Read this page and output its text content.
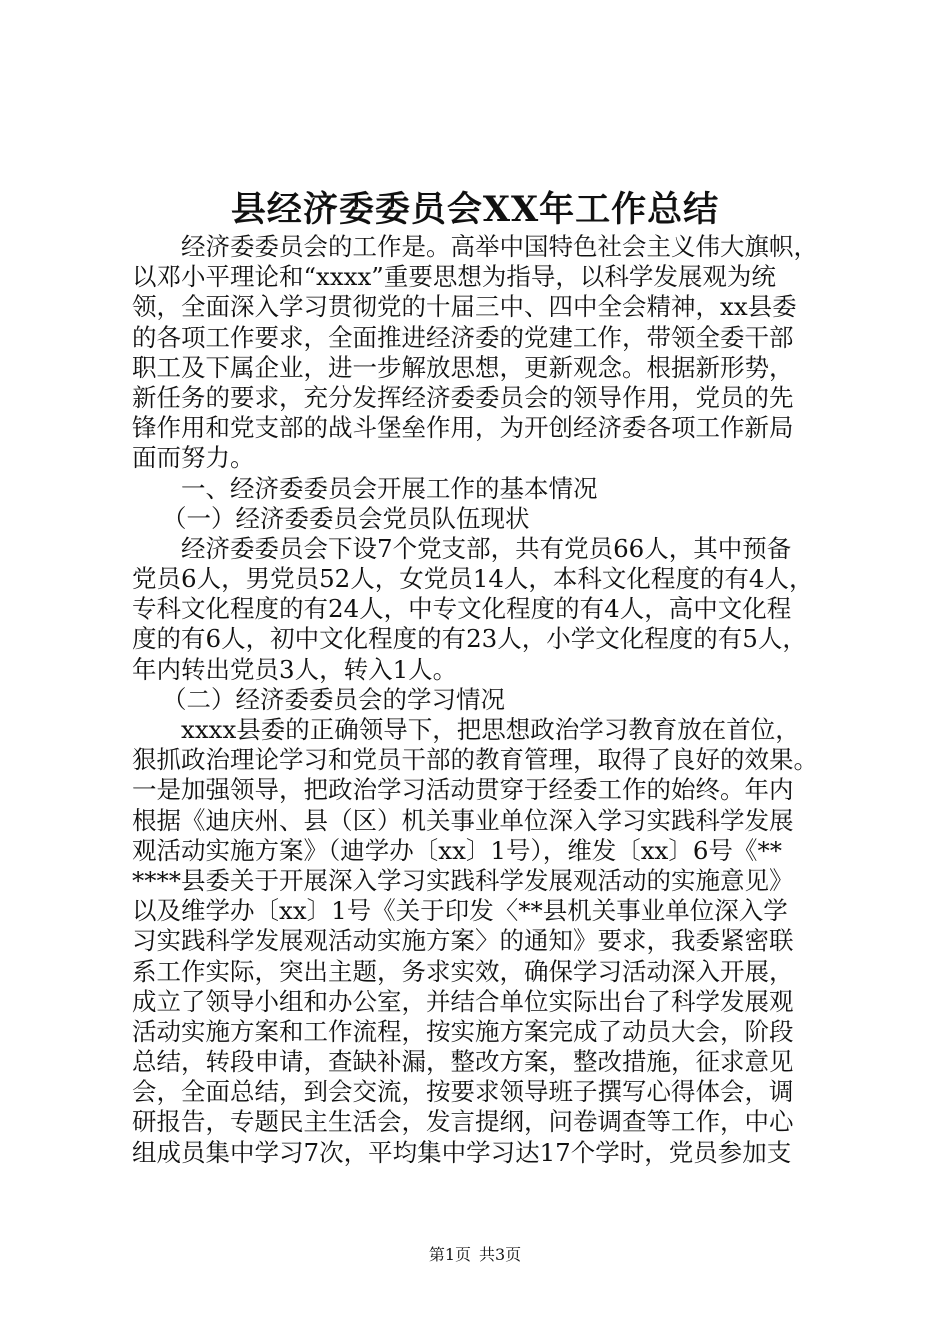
县经济委委员会XX年工作总结
经济委委员会的工作是。高举中国特色社会主义伟大旗帜，
以邓小平理论和“xxxx”重要思想为指导，以科学发展观为统
领，全面深入学习贯彻党的十届三中、四中全会精神，xx县委
的各项工作要求，全面推进经济委的党建工作，带领全委干部
职工及下属企业，进一步解放思想，更新观念。根据新形势，
新任务的要求，充分发挥经济委委员会的领导作用，党员的先
锋作用和党支部的战斗堡垒作用，为开创经济委各项工作新局
面而努力。
一、经济委委员会开展工作的基本情况
（一）经济委委员会党员队伍现状
经济委委员会下设7个党支部，共有党员66人，其中预备
党员6人，男党员52人，女党员14人，本科文化程度的有4人，
专科文化程度的有24人，中专文化程度的有4人，高中文化程
度的有6人，初中文化程度的有23人，小学文化程度的有5人，
年内转出党员3人，转入1人。
（二）经济委委员会的学习情况
xxxx县委的正确领导下，把思想政治学习教育放在首位，
狠抓政治理论学习和党员干部的教育管理，取得了良好的效果。
一是加强领导，把政治学习活动贯穿于经委工作的始终。年内
根据《迪庆州、县（区）机关事业单位深入学习实践科学发展
观活动实施方案》（迪学办〔xx〕1号），维发〔xx〕6号《**
****县委关于开展深入学习实践科学发展观活动的实施意见》
以及维学办〔xx〕1号《关于印发〈**县机关事业单位深入学
习实践科学发展观活动实施方案〉的通知》要求，我委紧密联
系工作实际，突出主题，务求实效，确保学习活动深入开展，
成立了领导小组和办公室，并结合单位实际出台了科学发展观
活动实施方案和工作流程，按实施方案完成了动员大会，阶段
总结，转段申请，查缺补漏，整改方案，整改措施，征求意见
会，全面总结，到会交流，按要求领导班子撰写心得体会，调
研报告，专题民主生活会，发言提纲，问卷调查等工作，中心
组成员集中学习7次，平均集中学习达17个学时，党员参加支
第1页 共3页
